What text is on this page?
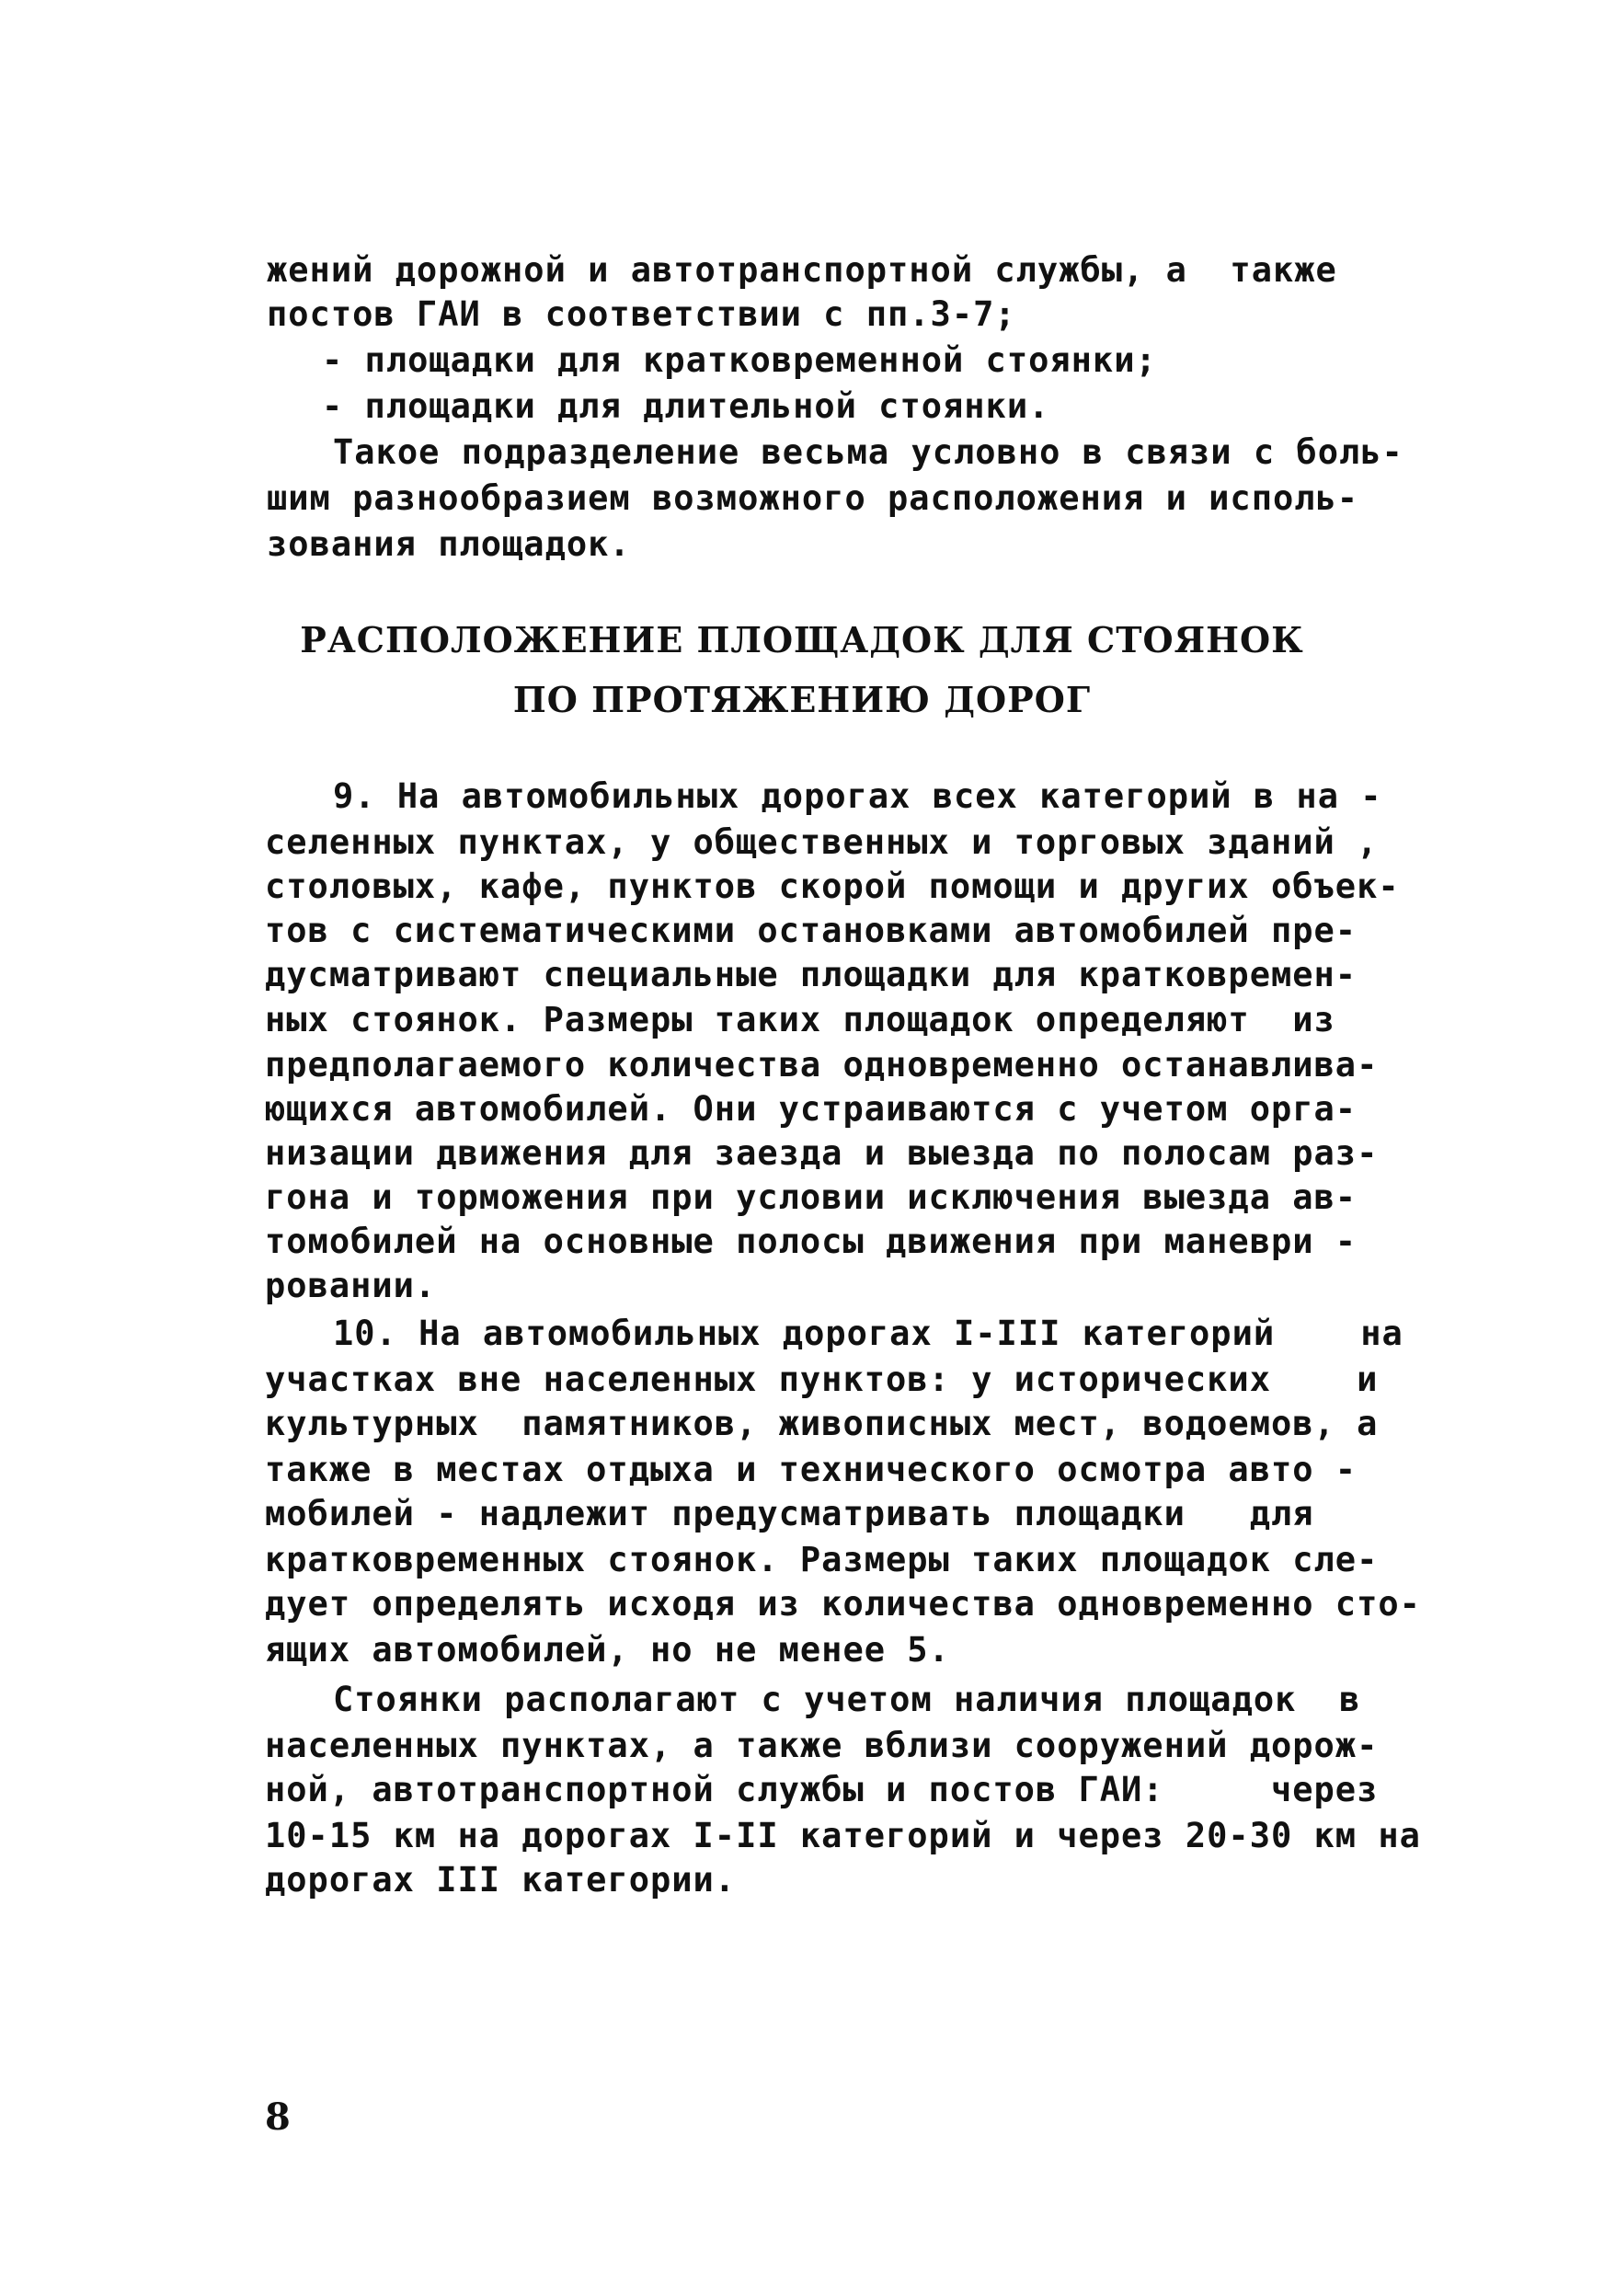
жений дорожной и автотранспортной службы, а  также
постов ГАИ в соответствии с пп.3-7;
- площадки для кратковременной стоянки;
- площадки для длительной стоянки.
Такое подразделение весьма условно в связи с боль-
шим разнообразием возможного расположения и исполь-
зования площадок.
РАСПОЛОЖЕНИЕ ПЛОЩАДОК ДЛЯ СТОЯНОК
ПО ПРОТЯЖЕНИЮ ДОРОГ
9. На автомобильных дорогах всех категорий в на -
селенных пунктах, у общественных и торговых зданий ,
столовых, кафе, пунктов скорой помощи и других объек-
тов с систематическими остановками автомобилей пре-
дусматривают специальные площадки для кратковремен-
ных стоянок. Размеры таких площадок определяют  из
предполагаемого количества одновременно останавлива-
ющихся автомобилей. Они устраиваются с учетом орга-
низации движения для заезда и выезда по полосам раз-
гона и торможения при условии исключения выезда ав-
томобилей на основные полосы движения при маневри -
ровании.
10. На автомобильных дорогах I-III категорий    на
участках вне населенных пунктов: у исторических    и
культурных  памятников, живописных мест, водоемов, а
также в местах отдыха и технического осмотра авто -
мобилей - надлежит предусматривать площадки   для
кратковременных стоянок. Размеры таких площадок сле-
дует определять исходя из количества одновременно сто-
ящих автомобилей, но не менее 5.
Стоянки располагают с учетом наличия площадок  в
населенных пунктах, а также вблизи сооружений дорож-
ной, автотранспортной службы и постов ГАИ:     через
10-15 км на дорогах I-II категорий и через 20-30 км на
дорогах III категории.
8
